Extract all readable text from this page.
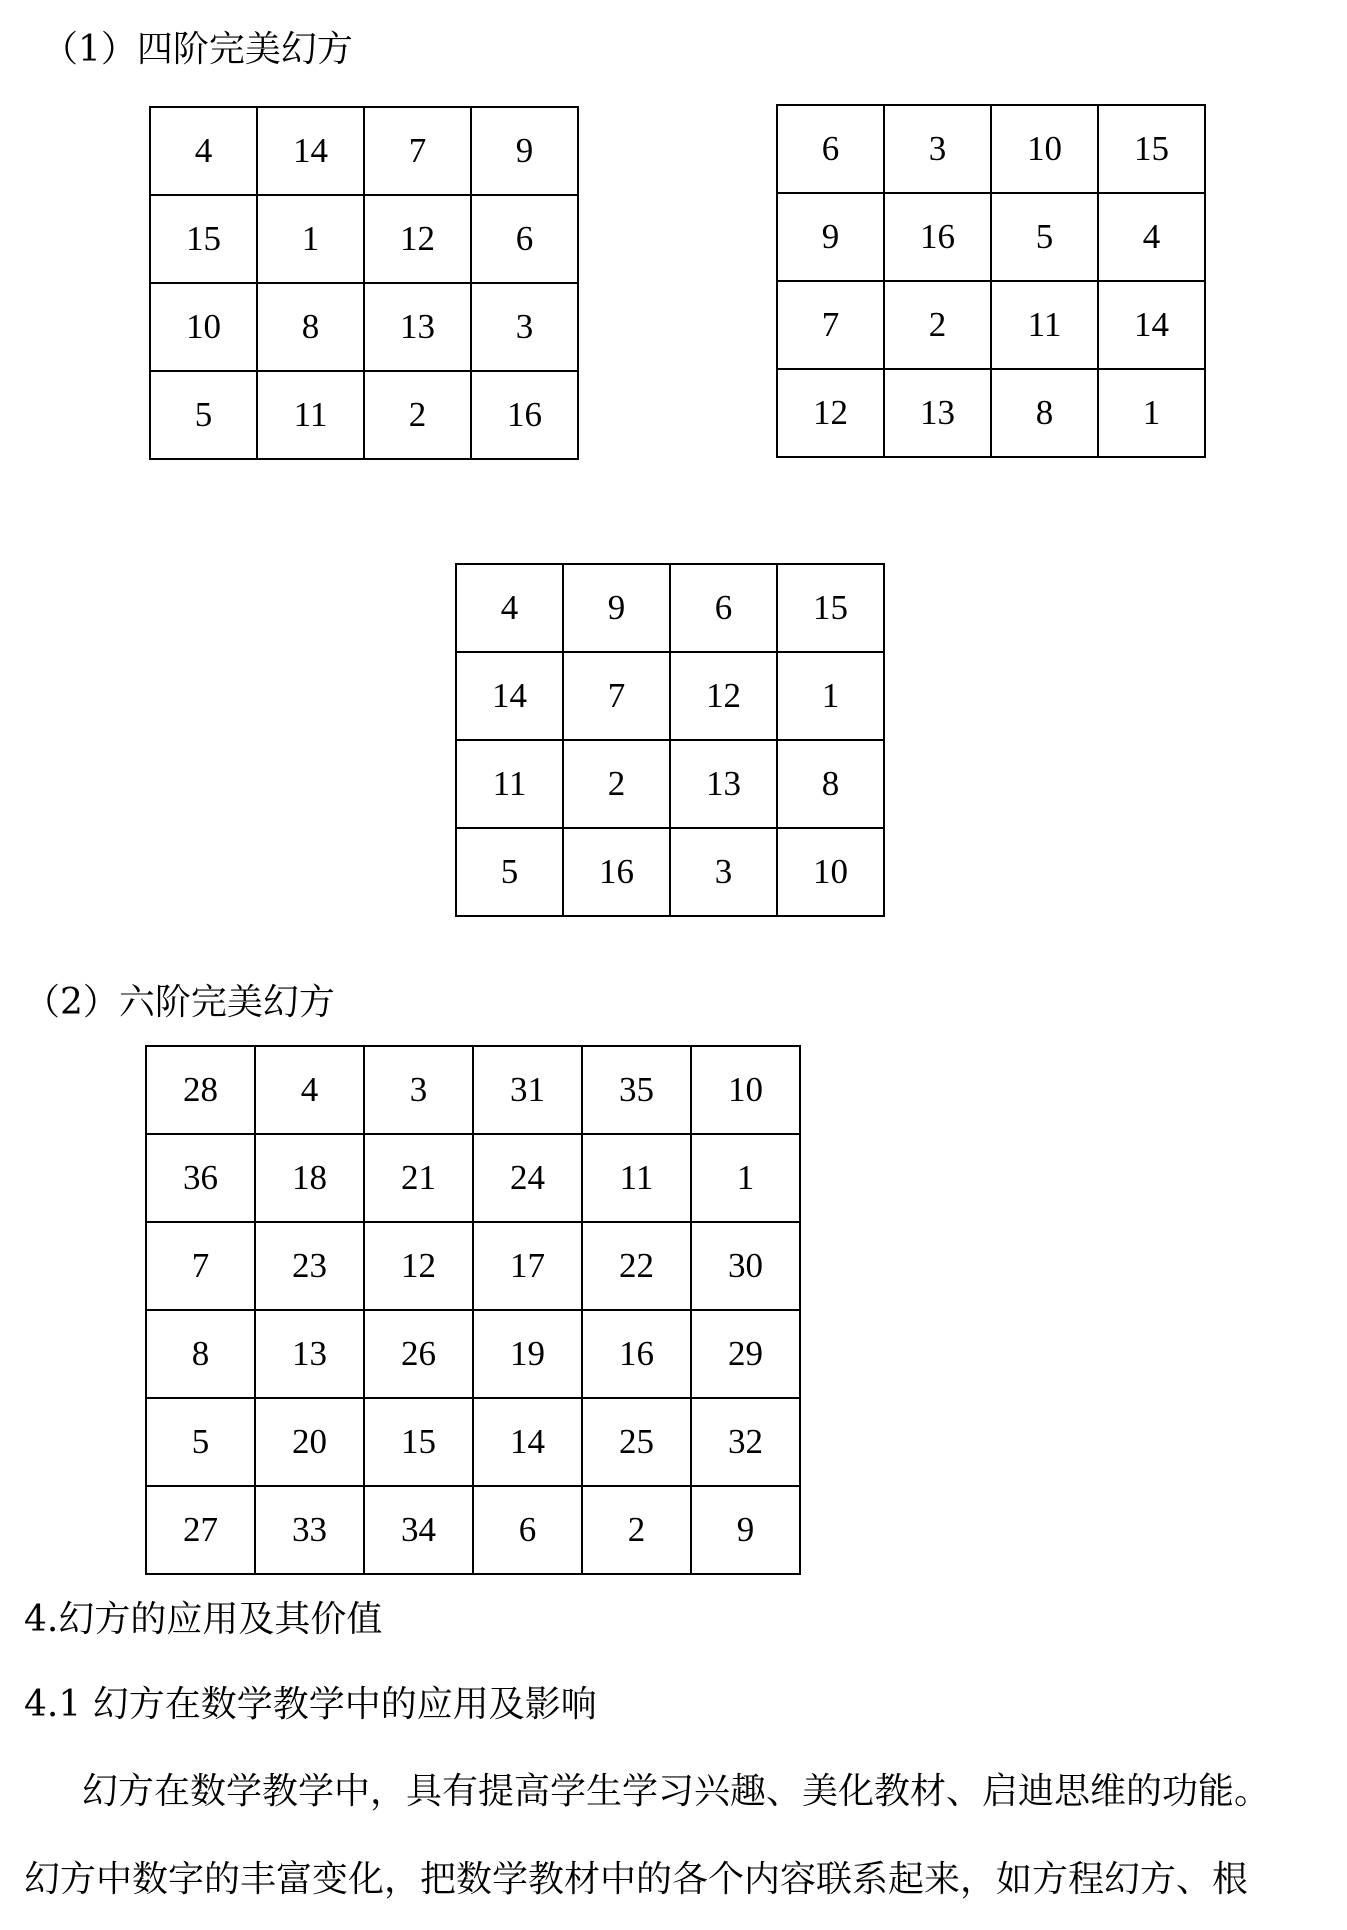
（1）四阶完美幻方
4	14	7	9
15	1	12	6
10	8	13	3
5	11	2	16
6	3	10	15
9	16	5	4
7	2	11	14
12	13	8	1
4	9	6	15
14	7	12	1
11	2	13	8
5	16	3	10
（2）六阶完美幻方
28	4	3	31	35	10
36	18	21	24	11	1
7	23	12	17	22	30
8	13	26	19	16	29
5	20	15	14	25	32
27	33	34	6	2	9
4.幻方的应用及其价值
4.1 幻方在数学教学中的应用及影响
幻方在数学教学中，具有提高学生学习兴趣、美化教材、启迪思维的功能。
幻方中数字的丰富变化，把数学教材中的各个内容联系起来，如方程幻方、根
